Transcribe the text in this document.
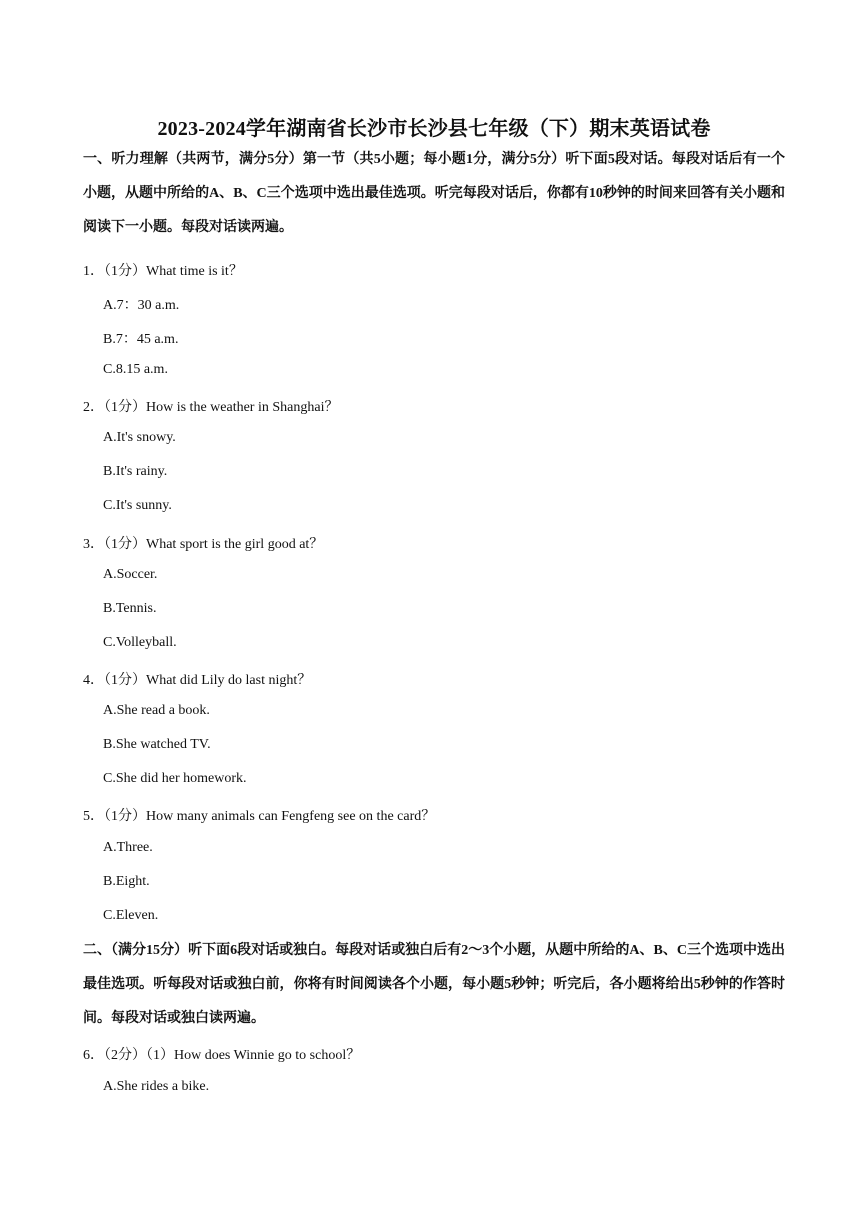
2023-2024学年湖南省长沙市长沙县七年级（下）期末英语试卷
一、听力理解（共两节，满分5分）第一节（共5小题；每小题1分，满分5分）听下面5段对话。每段对话后有一个小题，从题中所给的A、B、C三个选项中选出最佳选项。听完每段对话后，你都有10秒钟的时间来回答有关小题和阅读下一小题。每段对话读两遍。
1．（1分）What time is it？
A.7：30 a.m.
B.7：45 a.m.
C.8.15 a.m.
2．（1分）How is the weather in Shanghai？
A.It's snowy.
B.It's rainy.
C.It's sunny.
3．（1分）What sport is the girl good at？
A.Soccer.
B.Tennis.
C.Volleyball.
4．（1分）What did Lily do last night？
A.She read a book.
B.She watched TV.
C.She did her homework.
5．（1分）How many animals can Fengfeng see on the card？
A.Three.
B.Eight.
C.Eleven.
二、（满分15分）听下面6段对话或独白。每段对话或独白后有2～3个小题，从题中所给的A、B、C三个选项中选出最佳选项。听每段对话或独白前，你将有时间阅读各个小题，每小题5秒钟；听完后，各小题将给出5秒钟的作答时间。每段对话或独白读两遍。
6．（2分）（1）How does Winnie go to school？
A.She rides a bike.
